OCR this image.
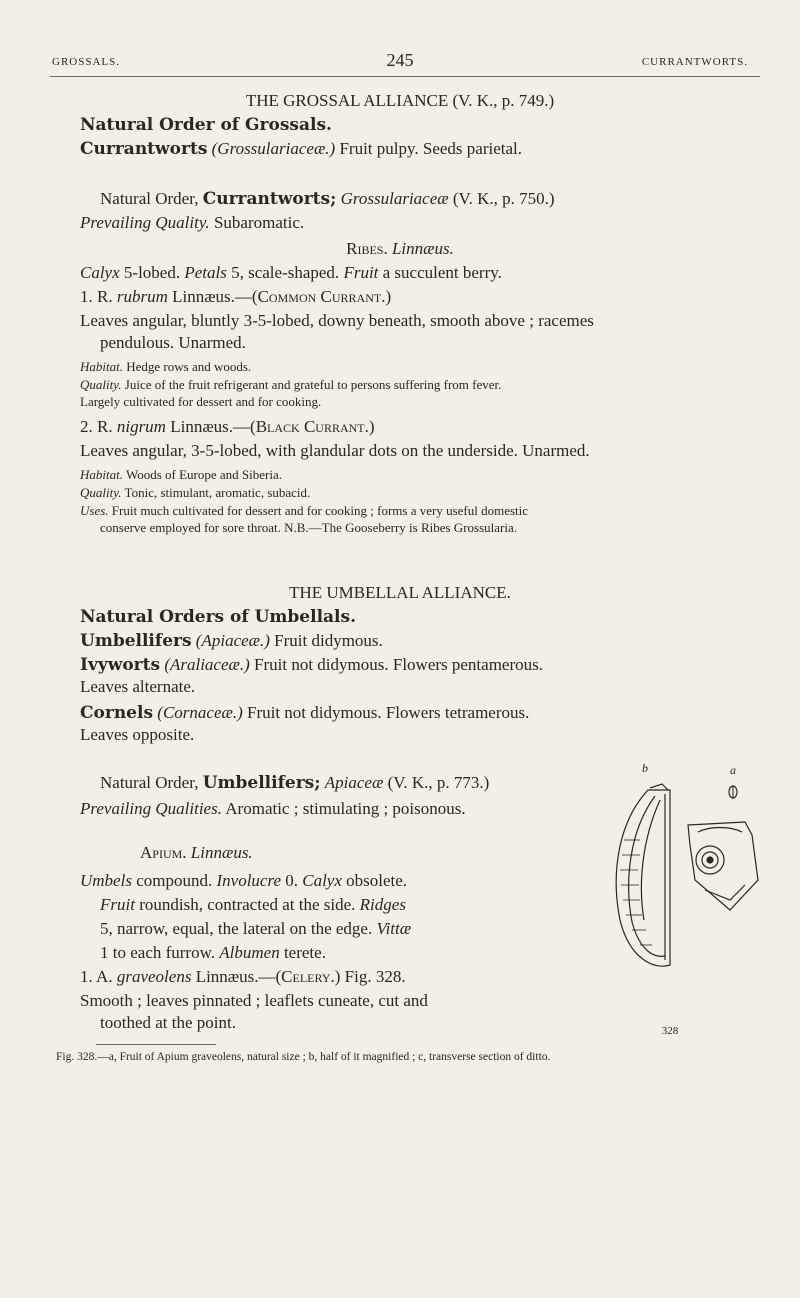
GROSSALS.	245	CURRANTWORTS.
THE GROSSAL ALLIANCE (V. K., p. 749.)
Natural Order of Grossals.
Currantworts (Grossulariaceæ.) Fruit pulpy. Seeds parietal.
Natural Order, Currantworts; Grossulariaceæ (V. K., p. 750.)
Prevailing Quality. Subaromatic.
Ribes. Linnæus.
Calyx 5-lobed. Petals 5, scale-shaped. Fruit a succulent berry.
1. R. rubrum Linnæus.—(Common Currant.)
Leaves angular, bluntly 3-5-lobed, downy beneath, smooth above ; racemes
pendulous. Unarmed.
Habitat. Hedge rows and woods.
Quality. Juice of the fruit refrigerant and grateful to persons suffering from fever.
Largely cultivated for dessert and for cooking.
2. R. nigrum Linnæus.—(Black Currant.)
Leaves angular, 3-5-lobed, with glandular dots on the underside. Unarmed.
Habitat. Woods of Europe and Siberia.
Quality. Tonic, stimulant, aromatic, subacid.
Uses. Fruit much cultivated for dessert and for cooking ; forms a very useful domestic
conserve employed for sore throat. N.B.—The Gooseberry is Ribes Grossularia.
THE UMBELLAL ALLIANCE.
Natural Orders of Umbellals.
Umbellifers (Apiaceæ.) Fruit didymous.
Ivyworts (Araliaceæ.) Fruit not didymous. Flowers pentamerous.
Leaves alternate.
Cornels (Cornaceæ.) Fruit not didymous. Flowers tetramerous.
Leaves opposite.
Natural Order, Umbellifers; Apiaceæ (V. K., p. 773.)
Prevailing Qualities. Aromatic ; stimulating ; poisonous.
Apium. Linnæus.
Umbels compound. Involucre 0. Calyx obsolete.
Fruit roundish, contracted at the side. Ridges
5, narrow, equal, the lateral on the edge. Vittæ
1 to each furrow. Albumen terete.
1. A. graveolens Linnæus.—(Celery.) Fig. 328.
Smooth ; leaves pinnated ; leaflets cuneate, cut and
toothed at the point.
b	a
328
Fig. 328.—a, Fruit of Apium graveolens, natural size ; b, half of it magnified ; c, transverse section of ditto.
